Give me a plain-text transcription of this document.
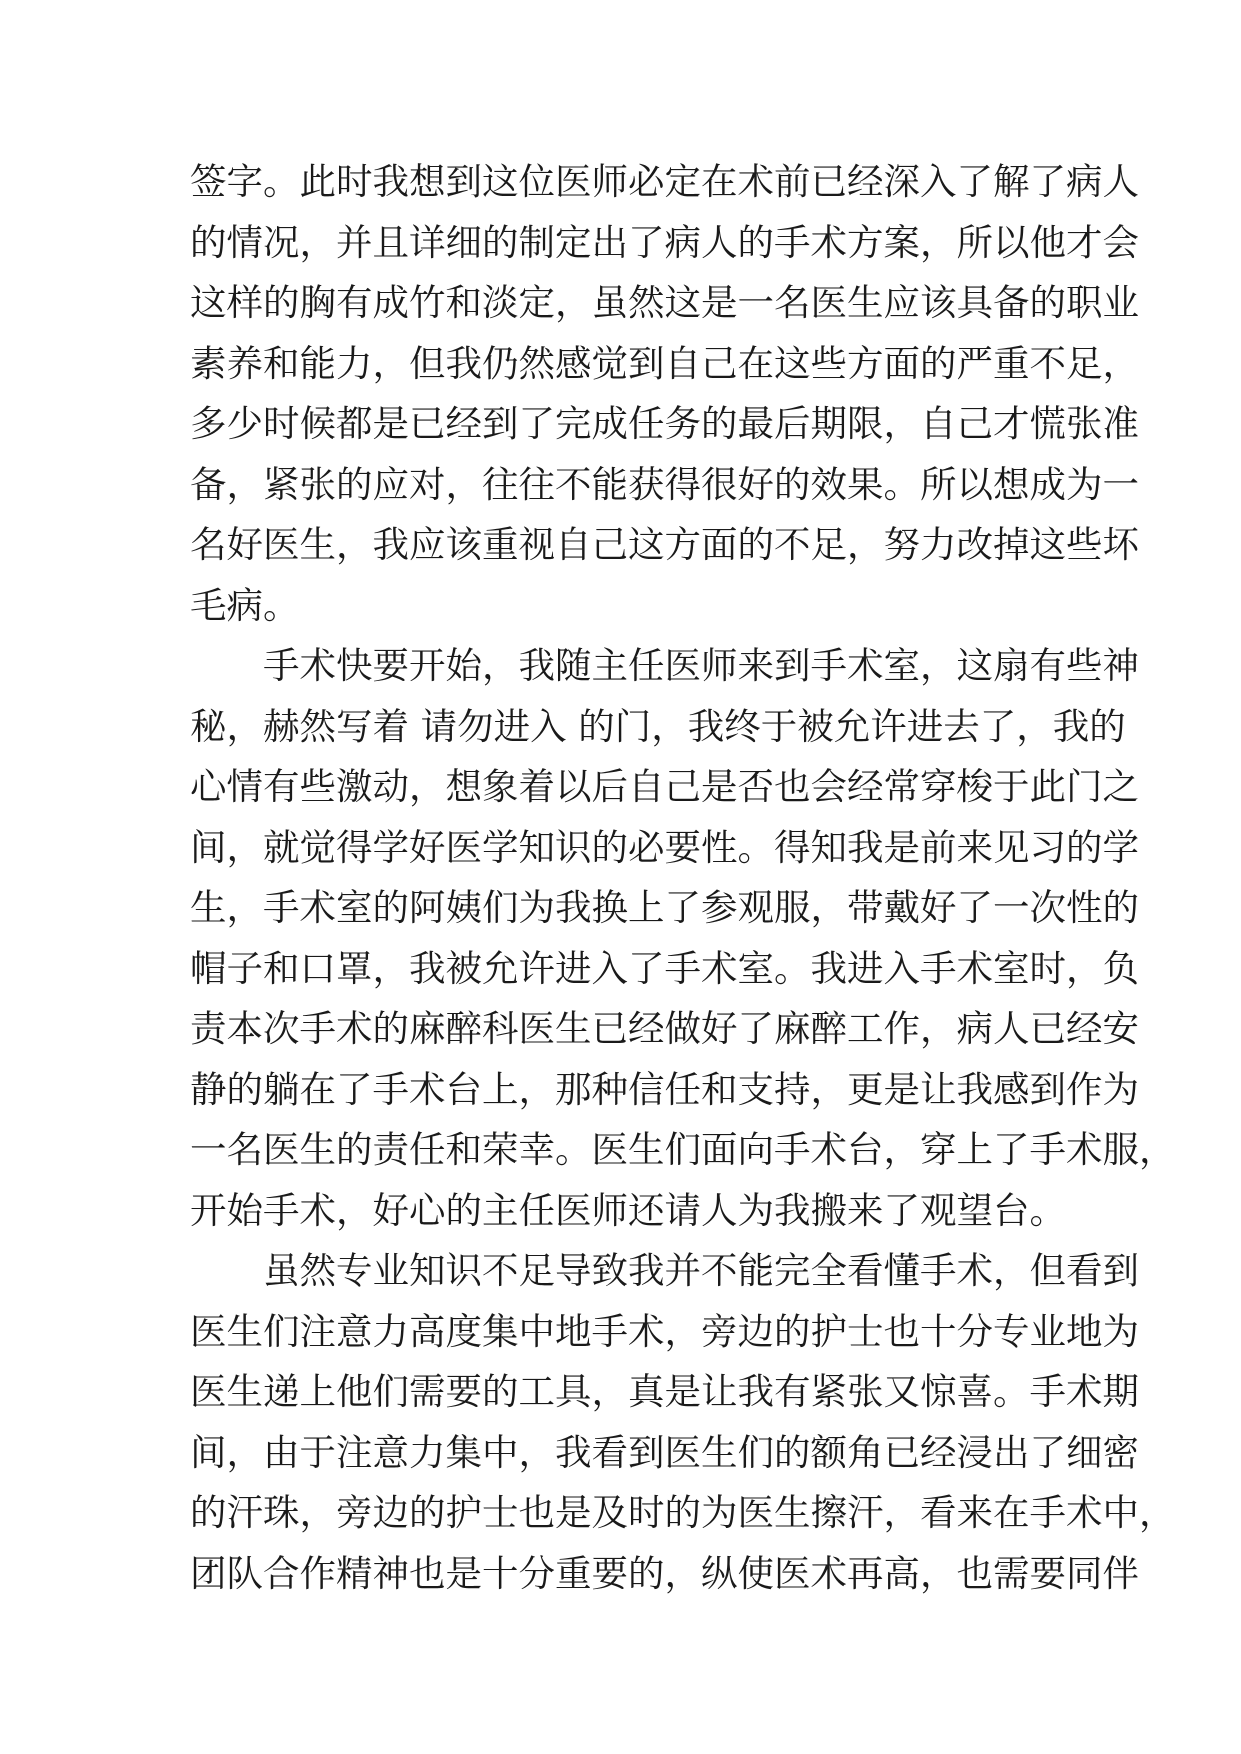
签字。此时我想到这位医师必定在术前已经深入了解了病人
的情况，并且详细的制定出了病人的手术方案，所以他才会
这样的胸有成竹和淡定，虽然这是一名医生应该具备的职业
素养和能力，但我仍然感觉到自己在这些方面的严重不足，
多少时候都是已经到了完成任务的最后期限，自己才慌张准
备，紧张的应对，往往不能获得很好的效果。所以想成为一
名好医生，我应该重视自己这方面的不足，努力改掉这些坏
毛病。
手术快要开始，我随主任医师来到手术室，这扇有些神
秘，赫然写着 请勿进入 的门，我终于被允许进去了，我的
心情有些激动，想象着以后自己是否也会经常穿梭于此门之
间，就觉得学好医学知识的必要性。得知我是前来见习的学
生，手术室的阿姨们为我换上了参观服，带戴好了一次性的
帽子和口罩，我被允许进入了手术室。我进入手术室时，负
责本次手术的麻醉科医生已经做好了麻醉工作，病人已经安
静的躺在了手术台上，那种信任和支持，更是让我感到作为
一名医生的责任和荣幸。医生们面向手术台，穿上了手术服，
开始手术，好心的主任医师还请人为我搬来了观望台。
虽然专业知识不足导致我并不能完全看懂手术，但看到
医生们注意力高度集中地手术，旁边的护士也十分专业地为
医生递上他们需要的工具，真是让我有紧张又惊喜。手术期
间，由于注意力集中，我看到医生们的额角已经浸出了细密
的汗珠，旁边的护士也是及时的为医生擦汗，看来在手术中，
团队合作精神也是十分重要的，纵使医术再高，也需要同伴
